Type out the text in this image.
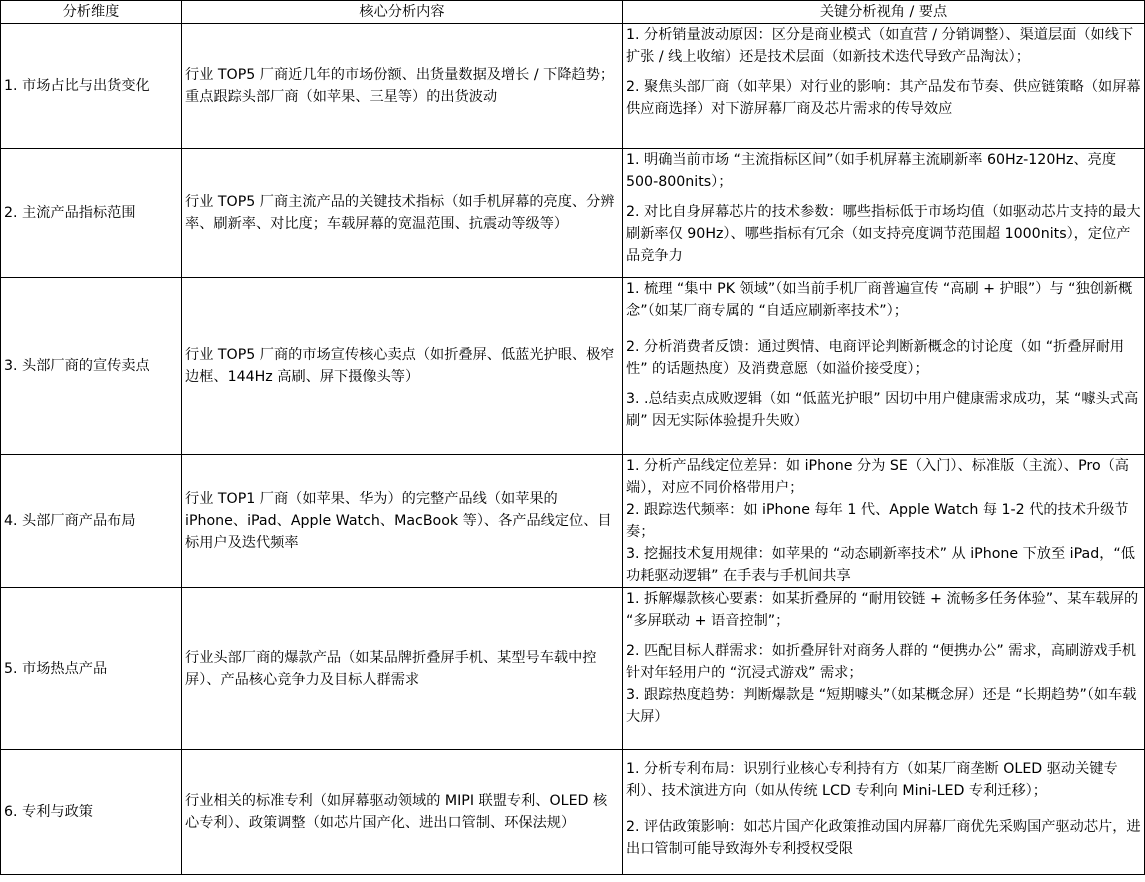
分析维度	核心分析内容	关键分析视角 / 要点
1. 市场占比与出货变化	行业 TOP5 厂商近几年的市场份额、出货量数据及增长 / 下降趋势；重点跟踪头部厂商（如苹果、三星等）的出货波动	1. 分析销量波动原因：区分是商业模式（如直营 / 分销调整）、渠道层面（如线下扩张 / 线上收缩）还是技术层面（如新技术迭代导致产品淘汰）；
2. 聚焦头部厂商（如苹果）对行业的影响：其产品发布节奏、供应链策略（如屏幕供应商选择）对下游屏幕厂商及芯片需求的传导效应

2. 主流产品指标范围	行业 TOP5 厂商主流产品的关键技术指标（如手机屏幕的亮度、分辨率、刷新率、对比度；车载屏幕的宽温范围、抗震动等级等）	1. 明确当前市场 “主流指标区间”（如手机屏幕主流刷新率 60Hz-120Hz、亮度 500-800nits）；
2. 对比自身屏幕芯片的技术参数：哪些指标低于市场均值（如驱动芯片支持的最大刷新率仅 90Hz）、哪些指标有冗余（如支持亮度调节范围超 1000nits），定位产品竞争力

3. 头部厂商的宣传卖点	行业 TOP5 厂商的市场宣传核心卖点（如折叠屏、低蓝光护眼、极窄边框、144Hz 高刷、屏下摄像头等）	1. 梳理 “集中 PK 领域”（如当前手机厂商普遍宣传 “高刷 + 护眼”）与 “独创新概念”（如某厂商专属的 “自适应刷新率技术”）；
2. 分析消费者反馈：通过舆情、电商评论判断新概念的讨论度（如 “折叠屏耐用性” 的话题热度）及消费意愿（如溢价接受度）；
3. .总结卖点成败逻辑（如 “低蓝光护眼” 因切中用户健康需求成功，某 “噱头式高刷” 因无实际体验提升失败）

4. 头部厂商产品布局	行业 TOP1 厂商（如苹果、华为）的完整产品线（如苹果的 iPhone、iPad、Apple Watch、MacBook 等）、各产品线定位、目标用户及迭代频率	1. 分析产品线定位差异：如 iPhone 分为 SE（入门）、标准版（主流）、Pro（高端），对应不同价格带用户；
2. 跟踪迭代频率：如 iPhone 每年 1 代、Apple Watch 每 1-2 代的技术升级节奏；
3. 挖掘技术复用规律：如苹果的 “动态刷新率技术” 从 iPhone 下放至 iPad，“低功耗驱动逻辑” 在手表与手机间共享

5. 市场热点产品	行业头部厂商的爆款产品（如某品牌折叠屏手机、某型号车载中控屏）、产品核心竞争力及目标人群需求	1. 拆解爆款核心要素：如某折叠屏的 “耐用铰链 + 流畅多任务体验”、某车载屏的 “多屏联动 + 语音控制”；
2. 匹配目标人群需求：如折叠屏针对商务人群的 “便携办公” 需求，高刷游戏手机针对年轻用户的 “沉浸式游戏” 需求；
3. 跟踪热度趋势：判断爆款是 “短期噱头”（如某概念屏）还是 “长期趋势”（如车载大屏）

6. 专利与政策	行业相关的标准专利（如屏幕驱动领域的 MIPI 联盟专利、OLED 核心专利）、政策调整（如芯片国产化、进出口管制、环保法规）	1. 分析专利布局：识别行业核心专利持有方（如某厂商垄断 OLED 驱动关键专利）、技术演进方向（如从传统 LCD 专利向 Mini-LED 专利迁移）；
2. 评估政策影响：如芯片国产化政策推动国内屏幕厂商优先采购国产驱动芯片，进出口管制可能导致海外专利授权受限
